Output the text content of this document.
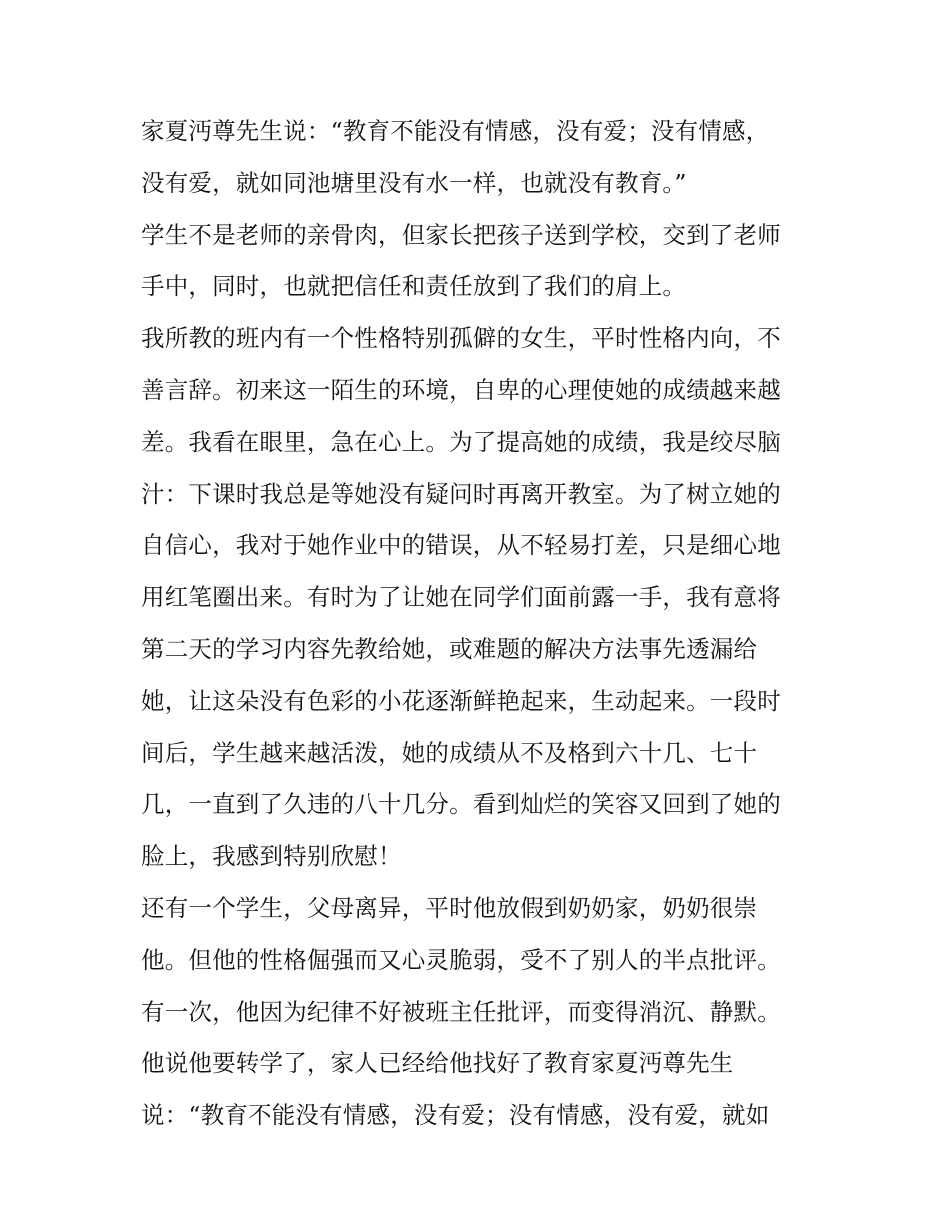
家夏沔尊先生说：“教育不能没有情感，没有爱；没有情感，
没有爱，就如同池塘里没有水一样，也就没有教育。”
学生不是老师的亲骨肉，但家长把孩子送到学校，交到了老师
手中，同时，也就把信任和责任放到了我们的肩上。
我所教的班内有一个性格特别孤僻的女生，平时性格内向，不
善言辞。初来这一陌生的环境，自卑的心理使她的成绩越来越
差。我看在眼里，急在心上。为了提高她的成绩，我是绞尽脑
汁：下课时我总是等她没有疑问时再离开教室。为了树立她的
自信心，我对于她作业中的错误，从不轻易打差，只是细心地
用红笔圈出来。有时为了让她在同学们面前露一手，我有意将
第二天的学习内容先教给她，或难题的解决方法事先透漏给
她，让这朵没有色彩的小花逐渐鲜艳起来，生动起来。一段时
间后，学生越来越活泼，她的成绩从不及格到六十几、七十
几，一直到了久违的八十几分。看到灿烂的笑容又回到了她的
脸上，我感到特别欣慰！
还有一个学生，父母离异，平时他放假到奶奶家，奶奶很崇
他。但他的性格倔强而又心灵脆弱，受不了别人的半点批评。
有一次，他因为纪律不好被班主任批评，而变得消沉、静默。
他说他要转学了，家人已经给他找好了教育家夏沔尊先生
说：“教育不能没有情感，没有爱；没有情感，没有爱，就如
